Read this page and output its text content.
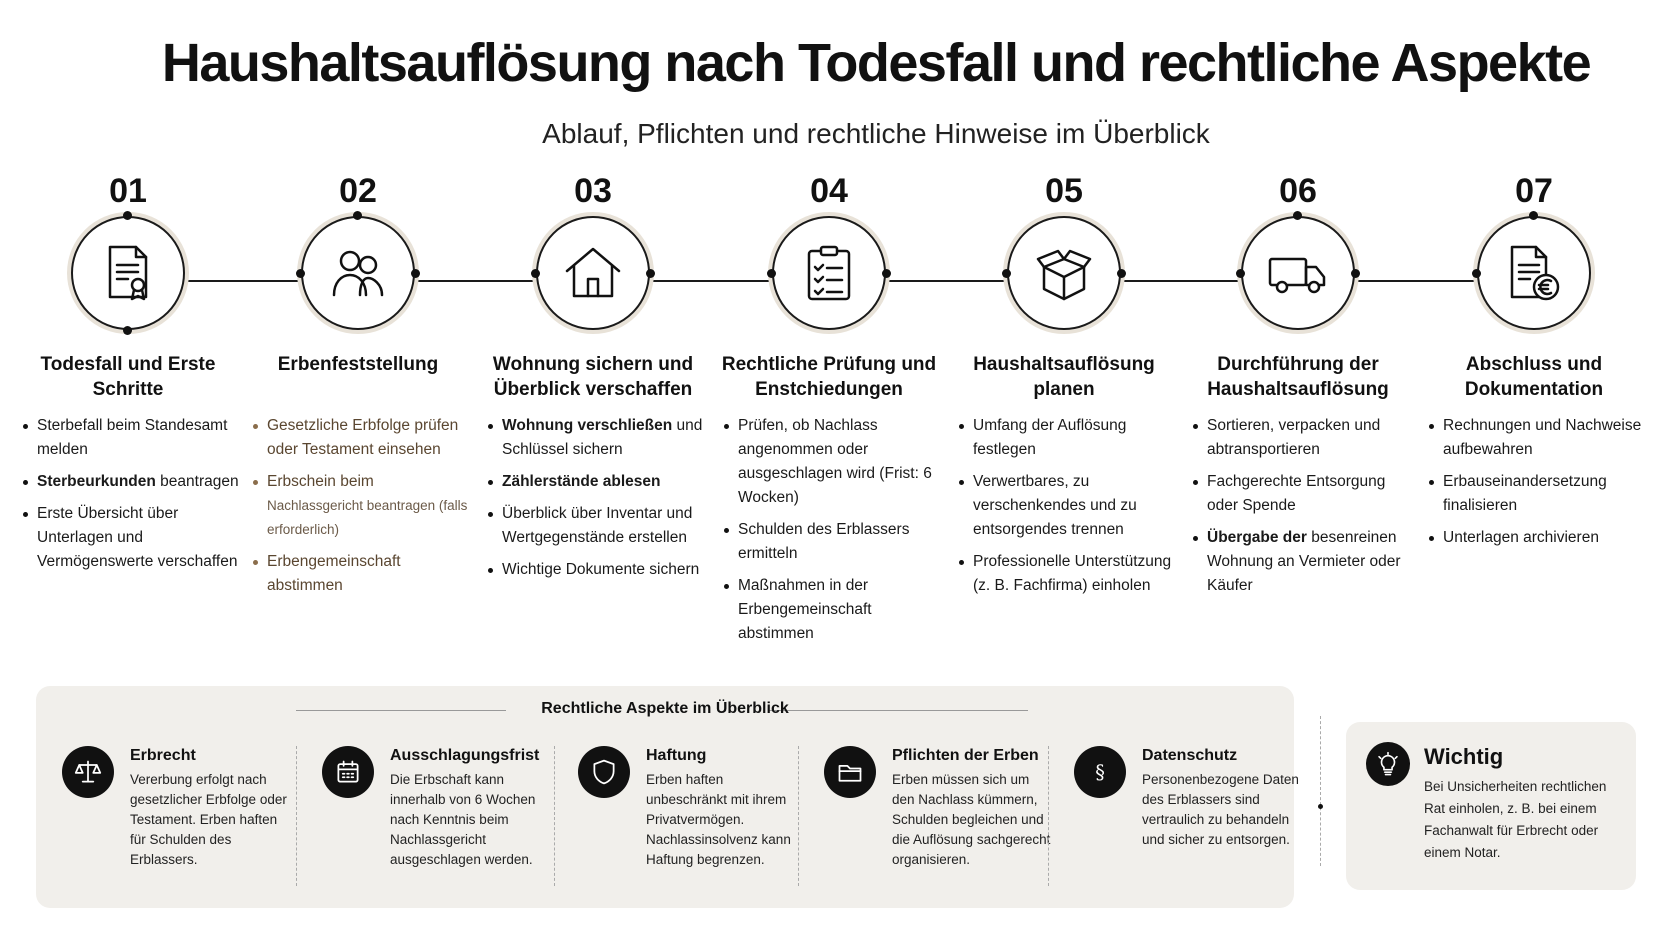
Haushaltsauflösung nach Todesfall und rechtliche Aspekte
Ablauf, Pflichten und rechtliche Hinweise im Überblick
01
Todesfall und Erste Schritte
Sterbefall beim Standesamt melden
Sterbeurkunden beantragen
Erste Übersicht über Unterlagen und Vermögenswerte verschaffen
02
Erbenfeststellung
Gesetzliche Erbfolge prüfen oder Testament einsehen
Erbschein beim
Nachlassgericht beantragen (falls erforderlich)
Erbengemeinschaft abstimmen
03
Wohnung sichern und Überblick verschaffen
Wohnung verschließen und Schlüssel sichern
Zählerstände ablesen
Überblick über Inventar und Wertgegenstände erstellen
Wichtige Dokumente sichern
04
Rechtliche Prüfung und Enstchiedungen
Prüfen, ob Nachlass angenommen oder ausgeschlagen wird (Frist: 6 Wocken)
Schulden des Erblassers ermitteln
Maßnahmen in der Erbengemeinschaft abstimmen
05
Haushaltsauflösung planen
Umfang der Auflösung festlegen
Verwertbares, zu verschenkendes und zu entsorgendes trennen
Professionelle Unterstützung (z. B. Fachfirma) einholen
06
Durchführung der Haushaltsauflösung
Sortieren, verpacken und abtransportieren
Fachgerechte Entsorgung oder Spende
Übergabe der besenreinen Wohnung an Vermieter oder Käufer
07
Abschluss und Dokumentation
Rechnungen und Nachweise aufbewahren
Erbauseinandersetzung finalisieren
Unterlagen archivieren
Rechtliche Aspekte im Überblick
Erbrecht
Vererbung erfolgt nach gesetzlicher Erbfolge oder Testament. Erben haften für Schulden des Erblassers.
Ausschlagungsfrist
Die Erbschaft kann innerhalb von 6 Wochen nach Kenntnis beim Nachlassgericht ausgeschlagen werden.
Haftung
Erben haften unbeschränkt mit ihrem Privatvermögen. Nachlassinsolvenz kann Haftung begrenzen.
Pflichten der Erben
Erben müssen sich um den Nachlass kümmern, Schulden begleichen und die Auflösung sachgerecht organisieren.
§
Datenschutz
Personenbezogene Daten des Erblassers sind vertraulich zu behandeln und sicher zu entsorgen.
Wichtig
Bei Unsicherheiten rechtlichen Rat einholen, z. B. bei einem Fachanwalt für Erbrecht oder einem Notar.
